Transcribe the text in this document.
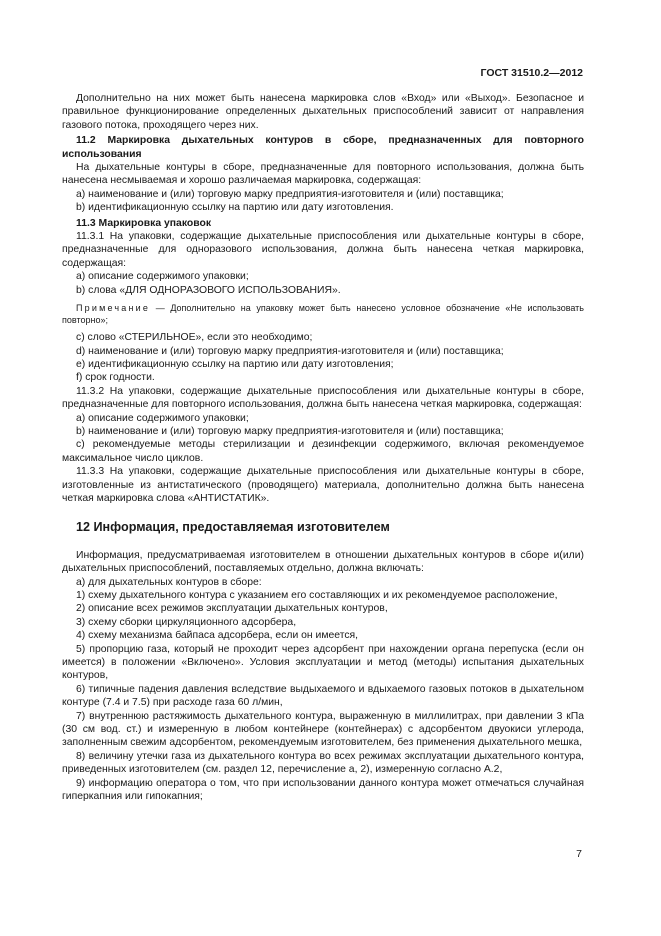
ГОСТ 31510.2—2012

Дополнительно на них может быть нанесена маркировка слов «Вход» или «Выход». Безопасное и правильное функционирование определенных дыхательных приспособлений зависит от направления газового потока, проходящего через них.

11.2 Маркировка дыхательных контуров в сборе, предназначенных для повторного использования

На дыхательные контуры в сборе, предназначенные для повторного использования, должна быть нанесена несмываемая и хорошо различаемая маркировка, содержащая:

a) наименование и (или) торговую марку предприятия-изготовителя и (или) поставщика;

b) идентификационную ссылку на партию или дату изготовления.

11.3 Маркировка упаковок

11.3.1 На упаковки, содержащие дыхательные приспособления или дыхательные контуры в сборе, предназначенные для одноразового использования, должна быть нанесена четкая маркировка, содержащая:

a) описание содержимого упаковки;

b) слова «ДЛЯ ОДНОРАЗОВОГО ИСПОЛЬЗОВАНИЯ».

Примечание — Дополнительно на упаковку может быть нанесено условное обозначение «Не использовать повторно»;

c) слово «СТЕРИЛЬНОЕ», если это необходимо;

d) наименование и (или) торговую марку предприятия-изготовителя и (или) поставщика;

e) идентификационную ссылку на партию или дату изготовления;

f) срок годности.

11.3.2 На упаковки, содержащие дыхательные приспособления или дыхательные контуры в сборе, предназначенные для повторного использования, должна быть нанесена четкая маркировка, содержащая:

a) описание содержимого упаковки;

b) наименование и (или) торговую марку предприятия-изготовителя и (или) поставщика;

c) рекомендуемые методы стерилизации и дезинфекции содержимого, включая рекомендуемое максимальное число циклов.

11.3.3 На упаковки, содержащие дыхательные приспособления или дыхательные контуры в сборе, изготовленные из антистатического (проводящего) материала, дополнительно должна быть нанесена четкая маркировка слова «АНТИСТАТИК».

12 Информация, предоставляемая изготовителем

Информация, предусматриваемая изготовителем в отношении дыхательных контуров в сборе и(или) дыхательных приспособлений, поставляемых отдельно, должна включать:

a) для дыхательных контуров в сборе:

1) схему дыхательного контура с указанием его составляющих и их рекомендуемое расположение,

2) описание всех режимов эксплуатации дыхательных контуров,

3) схему сборки циркуляционного адсорбера,

4) схему механизма байпаса адсорбера, если он имеется,

5) пропорцию газа, который не проходит через адсорбент при нахождении органа перепуска (если он имеется) в положении «Включено». Условия эксплуатации и метод (методы) испытания дыхательных контуров,

6) типичные падения давления вследствие выдыхаемого и вдыхаемого газовых потоков в дыхательном контуре (7.4 и 7.5) при расходе газа 60 л/мин,

7) внутреннюю растяжимость дыхательного контура, выраженную в миллилитрах, при давлении 3 кПа (30 см вод. ст.) и измеренную в любом контейнере (контейнерах) с адсорбентом двуокиси углерода, заполненным свежим адсорбентом, рекомендуемым изготовителем, без применения дыхательного мешка,

8) величину утечки газа из дыхательного контура во всех режимах эксплуатации дыхательного контура, приведенных изготовителем (см. раздел 12, перечисление а, 2), измеренную согласно А.2,

9) информацию оператора о том, что при использовании данного контура может отмечаться случайная гиперкапния или гипокапния;

7
